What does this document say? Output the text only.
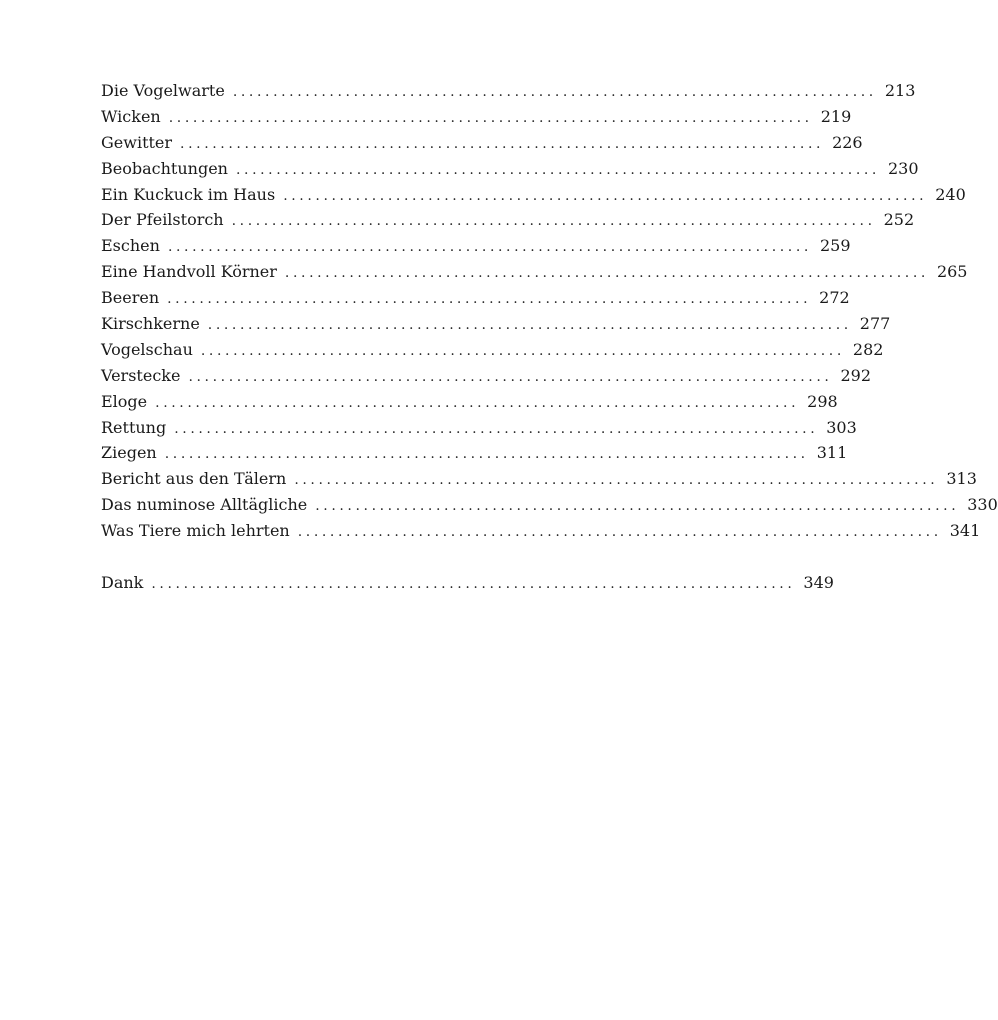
Die Vogelwarte ................................................................................ 213
Wicken ................................................................................ 219
Gewitter ................................................................................ 226
Beobachtungen ................................................................................ 230
Ein Kuckuck im Haus ................................................................................ 240
Der Pfeilstorch ................................................................................ 252
Eschen ................................................................................ 259
Eine Handvoll Körner ................................................................................ 265
Beeren ................................................................................ 272
Kirschkerne ................................................................................ 277
Vogelschau ................................................................................ 282
Verstecke ................................................................................ 292
Eloge ................................................................................ 298
Rettung ................................................................................ 303
Ziegen ................................................................................ 311
Bericht aus den Tälern ................................................................................ 313
Das numinose Alltägliche ................................................................................ 330
Was Tiere mich lehrten ................................................................................ 341
Dank ................................................................................ 349
